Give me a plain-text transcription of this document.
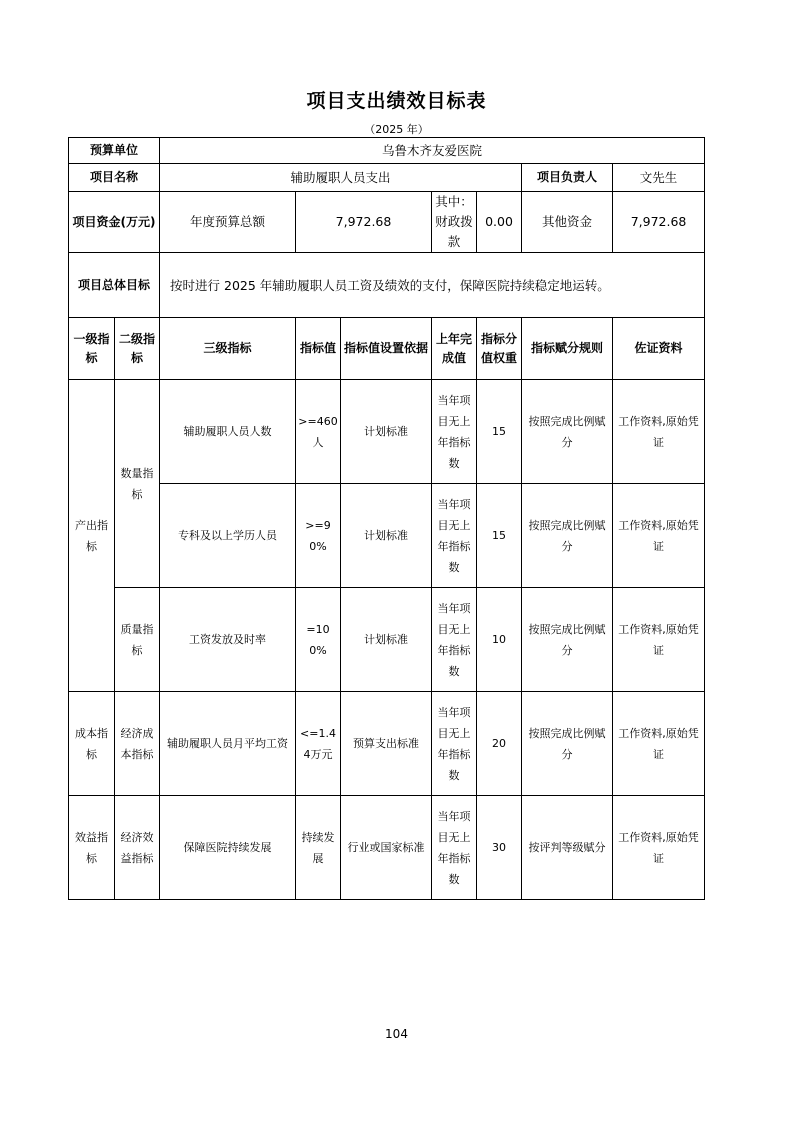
项目支出绩效目标表
（2025 年）
预算单位		乌鲁木齐友爱医院						
项目名称		辅助履职人员支出					项目负责人	文先生
项目资金(万元)		年度预算总额	7,972.68		其中：财政拨款	0.00	其他资金	7,972.68
项目总体目标		按时进行 2025 年辅助履职人员工资及绩效的支付，保障医院持续稳定地运转。						
一级指标	二级指标	三级指标	指标值	指标值设置依据	上年完成值	指标分值权重	指标赋分规则	佐证资料
产出指标	数量指标	辅助履职人员人数	>=460人	计划标准	当年项目无上年指标数	15	按照完成比例赋分	工作资料,原始凭证
		专科及以上学历人员	>=90%	计划标准	当年项目无上年指标数	15	按照完成比例赋分	工作资料,原始凭证
	质量指标	工资发放及时率	=100%	计划标准	当年项目无上年指标数	10	按照完成比例赋分	工作资料,原始凭证
成本指标	经济成本指标	辅助履职人员月平均工资	<=1.44万元	预算支出标准	当年项目无上年指标数	20	按照完成比例赋分	工作资料,原始凭证
效益指标	经济效益指标	保障医院持续发展	持续发展	行业或国家标准	当年项目无上年指标数	30	按评判等级赋分	工作资料,原始凭证
104
